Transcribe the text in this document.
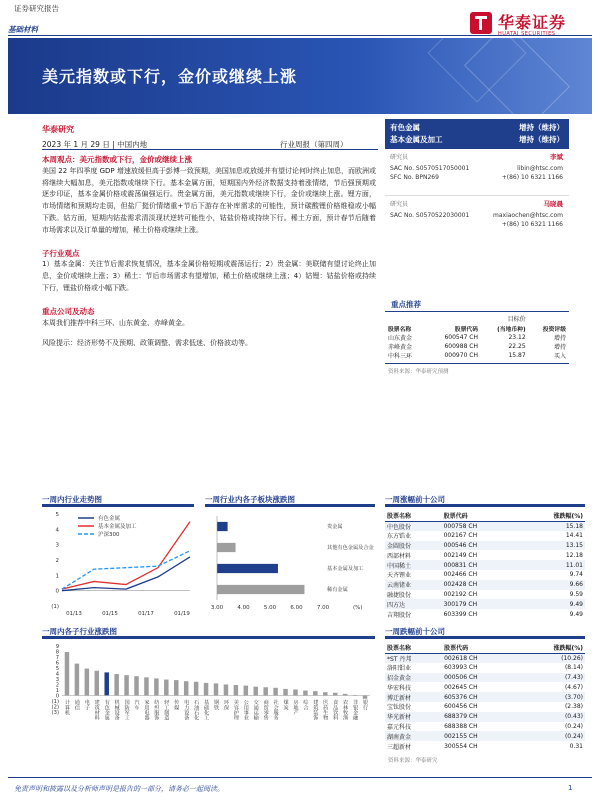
证券研究报告
基础材料	华泰证券
HUATAI SECURITIES
美元指数或下行，金价或继续上涨
华泰研究
2023 年 1 月 29 日 | 中国内地	行业周报（第四周）
有色金属	增持（维持）
基本金属及加工	增持（维持）
研究员	李斌
SAC No. S0570517050001	libin@htsc.com
SFC No. BPN269	+(86) 10 6321 1166
研究员	马晓晨
SAC No. S0570522030001	maxiaochen@htsc.com
+(86) 10 6321 1166
重点推荐
		目标价	
股票名称	股票代码	(当地币种)	投资评级
山东黄金	600547 CH	23.12	增持
赤峰黄金	600988 CH	22.25	增持
中科三环	000970 CH	15.87	买入
资料来源：华泰研究预测
本周观点：美元指数或下行，金价或继续上涨
美国 22 年四季度 GDP 增速放缓但高于彭博一致预期，美国加息或放缓并有望讨论何时终止加息，而欧洲或将继续大幅加息，美元指数或继续下行。基本金属方面，短期国内外经济数据支持着涨情绪，节后强预期或逐步印证，基本金属价格或震荡偏强运行。贵金属方面，美元指数或继续下行，金价或继续上涨。锂方面，市场情绪和预期均走弱，但盐厂挺价情绪重+节后下游存在补库需求的可能性，预计碳酸锂价格维稳或小幅下跌。钴方面，短期内钴盐需求清淡现状逆转可能性小，钴盐价格或持续下行。稀土方面，预计春节后随着市场需求以及订单量的增加，稀土价格或继续上涨。
子行业观点
1）基本金属：关注节后需求恢复情况，基本金属价格短期或震荡运行；2）贵金属：美联储有望讨论终止加息，金价或继续上涨；3）稀土：节后市场需求有望增加，稀土价格或继续上涨；4）钴锂：钴盐价格或持续下行，锂盐价格或小幅下跌。
重点公司及动态
本周我们推荐中科三环、山东黄金、赤峰黄金。
风险提示：经济形势不及预期、政策调整、需求低迷、价格波动等。
一周内行业走势图
5
4
3
2
1
0
(1)
01/13	01/15	01/17	01/19
有色金属
基本金属及加工
沪深300
一周行业内各子板块涨跌图
贵金属
其他有色金属及合金
基本金属及加工
稀有金属
3.00	4.00	5.00	6.00	7.00	(%)
一周内各子行业涨跌图
9
8
7
6
5
4
3
2
1
0
(1)
(2)
(3) 计算机 通信 电子 建筑材料 有色金属 机械设备 国防军工 汽车 家用电器 纺织服饰 轻工制造 传媒 电力设备 石油石化 基础化工 钢铁 环保 美容护理 公用事业 交通运输 商贸零售 社会服务 煤炭 房地产 综合 建筑装饰 医药生物 食品饮料 农林牧渔 非银金融 银行
一周涨幅前十公司
股票名称	股票代码	涨跌幅(%)
中色股份	000758 CH	15.18
东方锆业	002167 CH	14.41
金圆股份	000546 CH	13.15
西部材料	002149 CH	12.18
中国稀土	000831 CH	11.01
天齐锂业	002466 CH	9.74
云南锗业	002428 CH	9.66
融捷股份	002192 CH	9.59
四方达	300179 CH	9.49
吉翔股份	603399 CH	9.49
一周跌幅前十公司
股票名称	股票代码	涨跌幅(%)
*ST 丹邦	002618 CH	(10.26)
洛阳钼业	603993 CH	(8.14)
招金黄金	000506 CH	(7.43)
华宏科技	002645 CH	(4.67)
博迁新材	605376 CH	(3.70)
宝钛股份	600456 CH	(2.38)
华光新材	688379 CH	(0.43)
嘉元科技	688388 CH	(0.24)
湖南黄金	002155 CH	(0.24)
三超新材	300554 CH	0.31
资料来源：华泰研究
免责声明和披露以及分析师声明是报告的一部分，请务必一起阅读。	1
